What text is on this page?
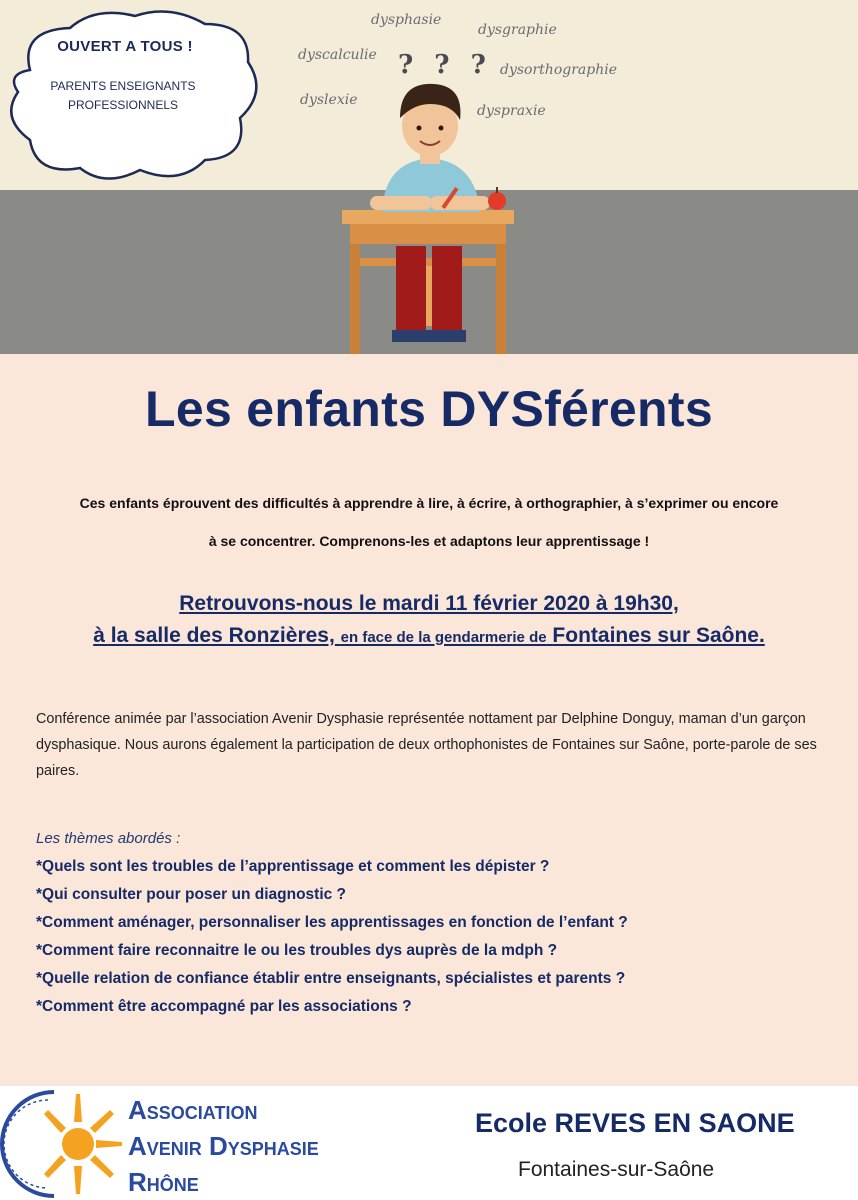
dysphasie
dysgraphie
dyscalculie
dysorthographie
dyslexie
dyspraxie
? ? ?
OUVERT A TOUS !
PARENTS ENSEIGNANTS PROFESSIONNELS
Les enfants DYSférents
Ces enfants éprouvent des difficultés à apprendre à lire, à écrire, à orthographier, à s’exprimer ou encore
à se concentrer. Comprenons-les et adaptons leur apprentissage !
Retrouvons-nous le mardi 11 février 2020 à 19h30,
à la salle des Ronzières, en face de la gendarmerie de Fontaines sur Saône.
Conférence animée par l’association Avenir Dysphasie représentée nottament par Delphine Donguy, maman d’un garçon dysphasique. Nous aurons également la participation de deux orthophonistes de Fontaines sur Saône, porte-parole de ses paires.
Les thèmes abordés :
*Quels sont les troubles de l’apprentissage et comment les dépister ?
*Qui consulter pour poser un diagnostic ?
*Comment aménager, personnaliser les apprentissages en fonction de l’enfant ?
*Comment faire reconnaitre le ou les troubles dys auprès de la mdph ?
*Quelle relation de confiance établir entre enseignants, spécialistes et parents ?
*Comment être accompagné par les associations ?
Association
Avenir Dysphasie
Rhône
Ecole REVES EN SAONE
Fontaines-sur-Saône
